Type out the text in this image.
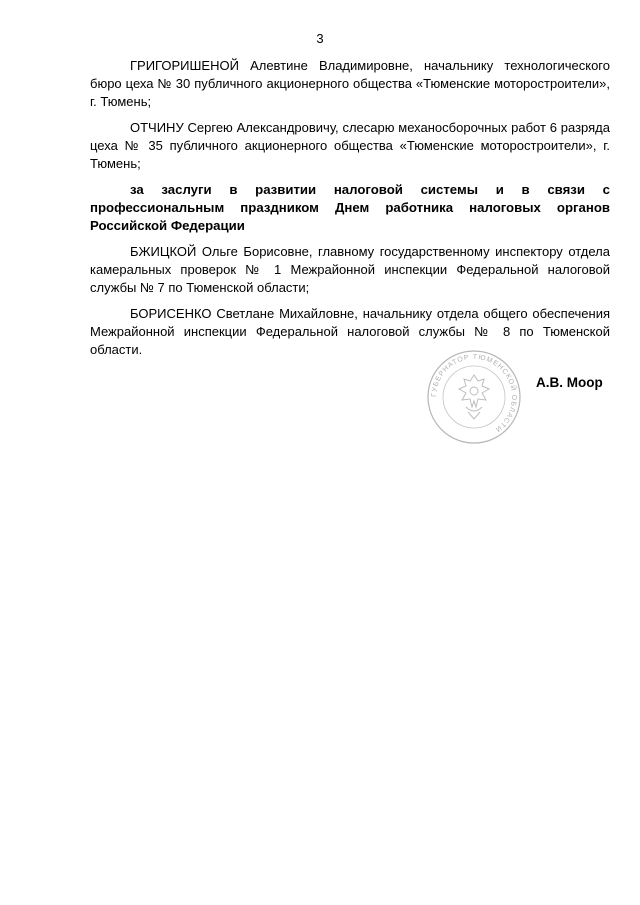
3

ГРИГОРИШЕНОЙ Алевтине Владимировне, начальнику технологического бюро цеха № 30 публичного акционерного общества «Тюменские моторостроители», г. Тюмень;

ОТЧИНУ Сергею Александровичу, слесарю механосборочных работ 6 разряда цеха № 35 публичного акционерного общества «Тюменские моторостроители», г. Тюмень;

за заслуги в развитии налоговой системы и в связи с профессиональным праздником Днем работника налоговых органов Российской Федерации

БЖИЦКОЙ Ольге Борисовне, главному государственному инспектору отдела камеральных проверок № 1 Межрайонной инспекции Федеральной налоговой службы № 7 по Тюменской области;

БОРИСЕНКО Светлане Михайловне, начальнику отдела общего обеспечения Межрайонной инспекции Федеральной налоговой службы № 8 по Тюменской области.

ГУБЕРНАТОР ТЮМЕНСКОЙ ОБЛАСТИ
А.В. Моор
